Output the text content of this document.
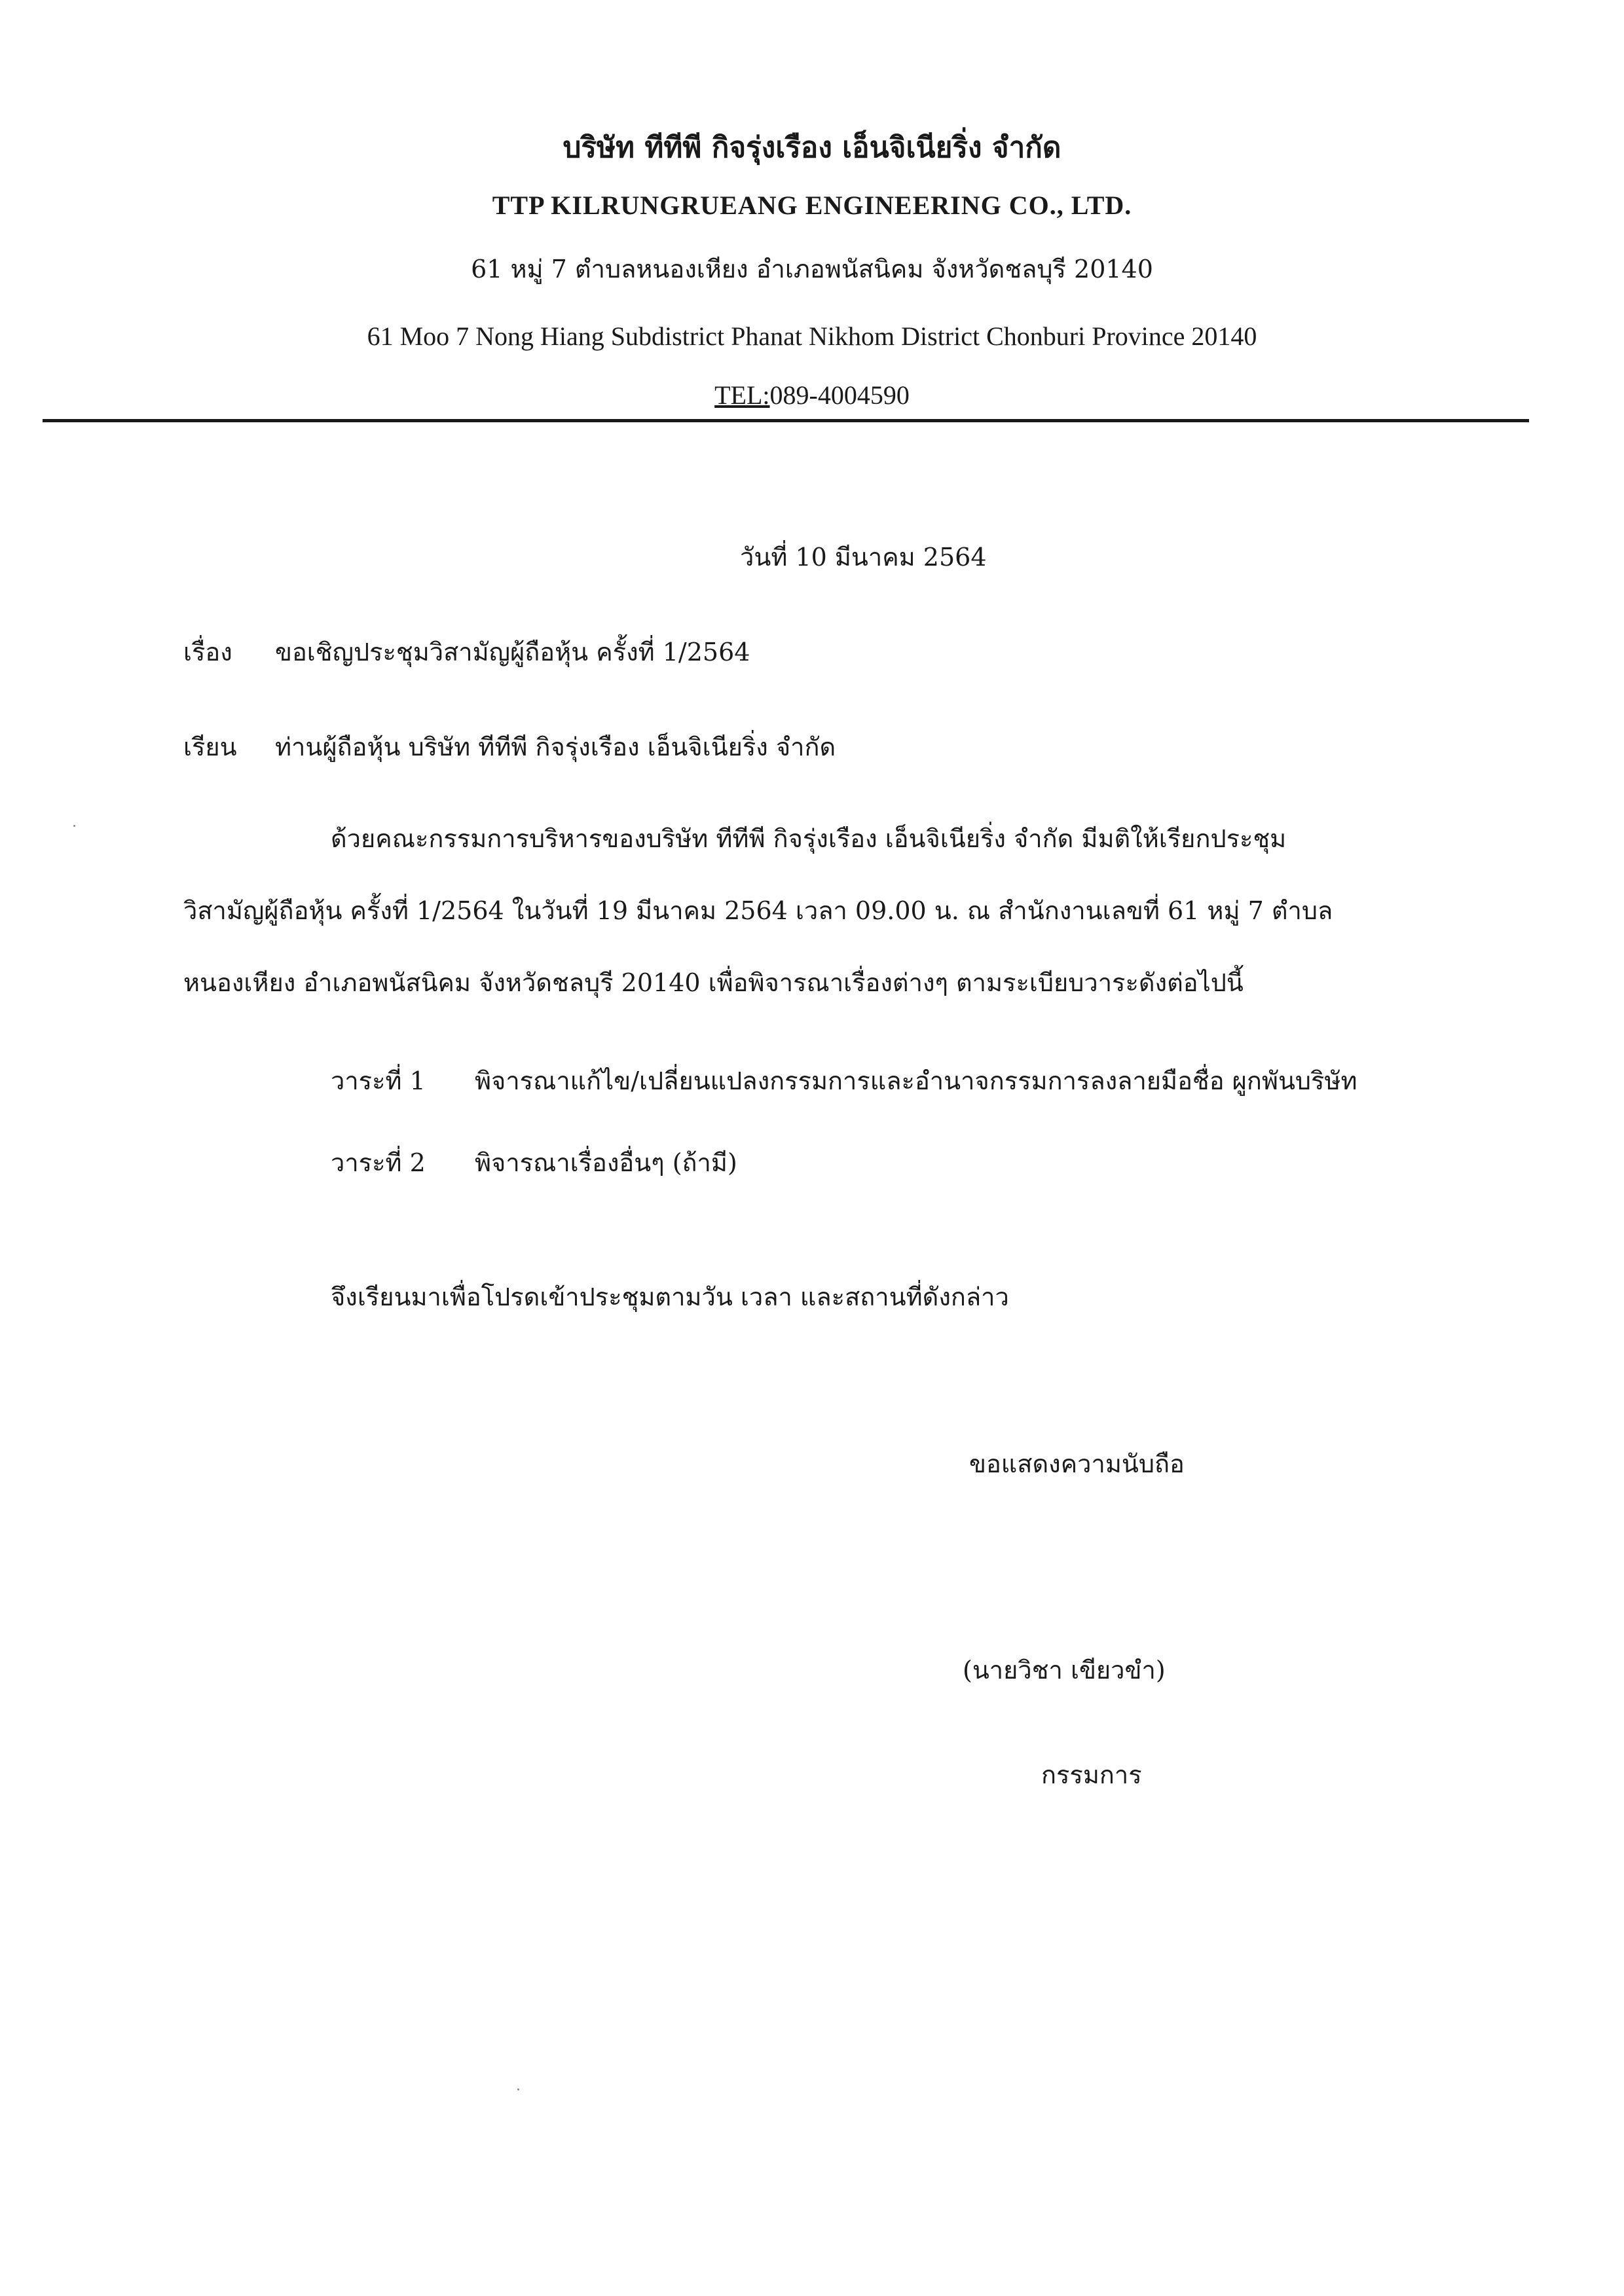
บริษัท ทีทีพี กิจรุ่งเรือง เอ็นจิเนียริ่ง จำกัด
TTP KILRUNGRUEANG ENGINEERING CO., LTD.
61 หมู่ 7 ตำบลหนองเหียง อำเภอพนัสนิคม จังหวัดชลบุรี 20140
61 Moo 7 Nong Hiang Subdistrict Phanat Nikhom District Chonburi Province 20140
TEL:089-4004590
วันที่ 10 มีนาคม 2564
เรื่อง ขอเชิญประชุมวิสามัญผู้ถือหุ้น ครั้งที่ 1/2564
เรียน ท่านผู้ถือหุ้น บริษัท ทีทีพี กิจรุ่งเรือง เอ็นจิเนียริ่ง จำกัด
ด้วยคณะกรรมการบริหารของบริษัท ทีทีพี กิจรุ่งเรือง เอ็นจิเนียริ่ง จำกัด มีมติให้เรียกประชุม
วิสามัญผู้ถือหุ้น ครั้งที่ 1/2564 ในวันที่ 19 มีนาคม 2564 เวลา 09.00 น. ณ สำนักงานเลขที่ 61 หมู่ 7 ตำบล
หนองเหียง อำเภอพนัสนิคม จังหวัดชลบุรี 20140 เพื่อพิจารณาเรื่องต่างๆ ตามระเบียบวาระดังต่อไปนี้
วาระที่ 1 พิจารณาแก้ไข/เปลี่ยนแปลงกรรมการและอำนาจกรรมการลงลายมือชื่อ ผูกพันบริษัท
วาระที่ 2 พิจารณาเรื่องอื่นๆ (ถ้ามี)
จึงเรียนมาเพื่อโปรดเข้าประชุมตามวัน เวลา และสถานที่ดังกล่าว
ขอแสดงความนับถือ
(นายวิชา เขียวขำ)
กรรมการ
